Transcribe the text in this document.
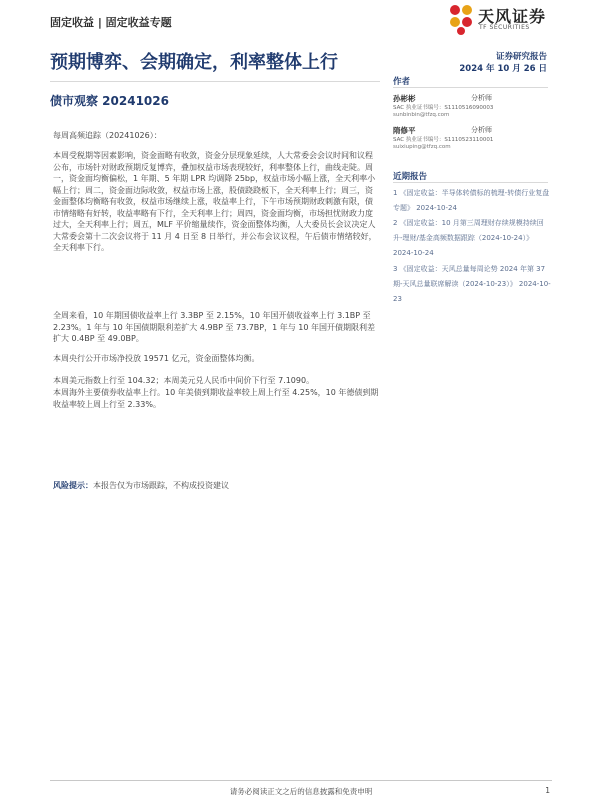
固定收益 | 固定收益专题	天风证券
TF SECURITIES
预期博弈、会期确定，利率整体上行
债市观察 20241026
证券研究报告
2024 年 10 月 26 日
作者
孙彬彬	分析师
SAC 执业证书编号：S1110516090003
sunbinbin@tfzq.com
隋修平	分析师
SAC 执业证书编号：S1110523110001
suixiuping@tfzq.com
近期报告
1 《固定收益：半导体转债标的梳理-转债行业复盘专题》 2024-10-24
2 《固定收益：10 月第三周理财存续规模持续回升-理财/基金高频数据跟踪（2024-10-24）》 2024-10-24
3 《固定收益：天风总量每周论势 2024 年第 37 期-天风总量联席解读（2024-10-23）》 2024-10-23
每周高频追踪（20241026）：
本周受税期等因素影响，资金面略有收敛，资金分层现象延续，人大常委会会议时间和议程公布，市场针对财政预期反复博弈，叠加权益市场表现较好，利率整体上行，曲线走陡。周一，资金面均衡偏松，1 年期、5 年期 LPR 均调降 25bp，权益市场小幅上涨，全天利率小幅上行；周二，资金面边际收敛，权益市场上涨，股债跷跷板下，全天利率上行；周三，资金面整体均衡略有收敛，权益市场继续上涨，收益率上行，下午市场预期财政刺激有限，债市情绪略有好转，收益率略有下行，全天利率上行；周四，资金面均衡，市场担忧财政力度过大，全天利率上行；周五，MLF 平价缩量续作，资金面整体均衡，人大委员长会议决定人大常委会第十二次会议将于 11 月 4 日至 8 日举行，并公布会议议程，午后债市情绪较好，全天利率下行。
全周来看，10 年期国债收益率上行 3.3BP 至 2.15%，10 年国开债收益率上行 3.1BP 至 2.23%。1 年与 10 年国债期限利差扩大 4.9BP 至 73.7BP，1 年与 10 年国开债期限利差扩大 0.4BP 至 49.0BP。
本周央行公开市场净投放 19571 亿元，资金面整体均衡。
本周美元指数上行至 104.32；本周美元兑人民币中间价下行至 7.1090。
本周海外主要债券收益率上行。10 年美债到期收益率较上周上行至 4.25%，10 年德债到期收益率较上周上行至 2.33%。
风险提示：本报告仅为市场跟踪，不构成投资建议
请务必阅读正文之后的信息披露和免责申明	1
